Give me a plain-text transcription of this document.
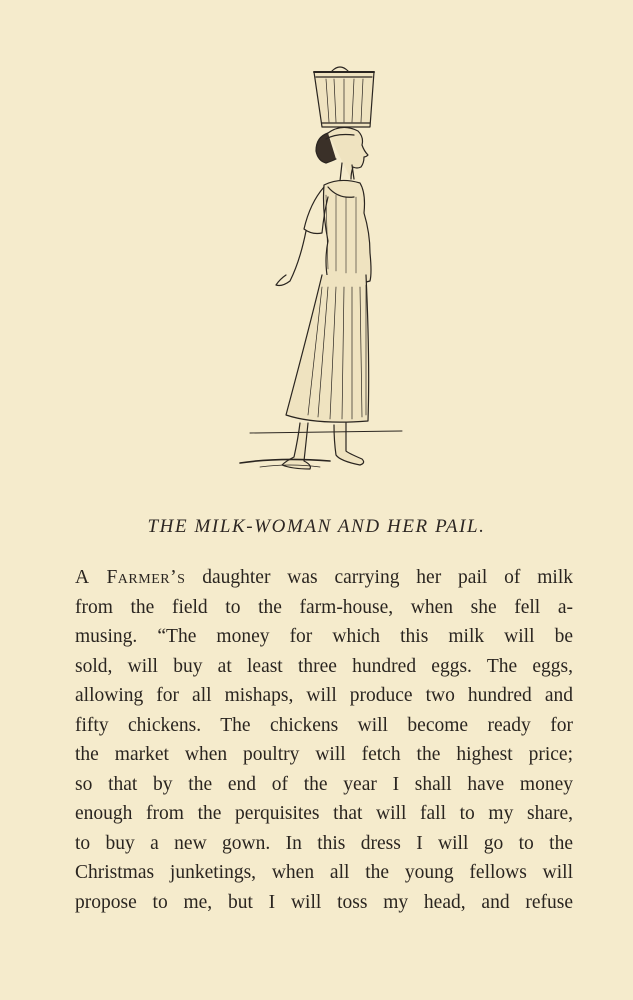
THE MILK-WOMAN AND HER PAIL.
A Farmer’s daughter was carrying her pail of milk
from the field to the farm-house, when she fell a-
musing. “The money for which this milk will be
sold, will buy at least three hundred eggs. The eggs,
allowing for all mishaps, will produce two hundred and
fifty chickens. The chickens will become ready for
the market when poultry will fetch the highest price;
so that by the end of the year I shall have money
enough from the perquisites that will fall to my share,
to buy a new gown. In this dress I will go to the
Christmas junketings, when all the young fellows will
propose to me, but I will toss my head, and refuse
